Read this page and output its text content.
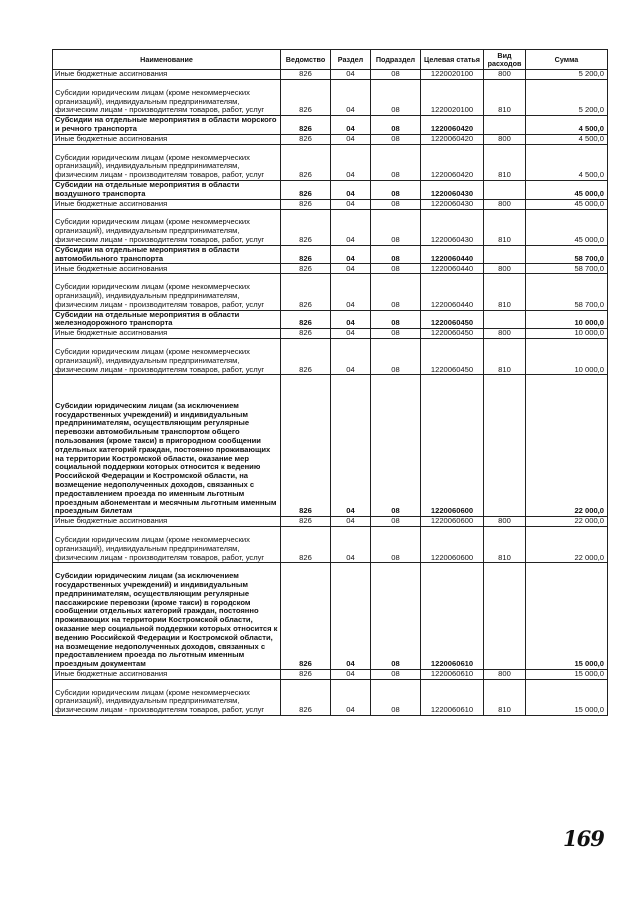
Наименование	Ведомство	Раздел	Подраздел	Целевая статья	Вид расходов	Сумма
Иные бюджетные ассигнования	826	04	08	1220020100	800	5 200,0
Субсидии юридическим лицам (кроме некоммерческих организаций), индивидуальным предпринимателям, физическим лицам - производителям товаров, работ, услуг	826	04	08	1220020100	810	5 200,0
Субсидии на отдельные мероприятия в области морского и речного транспорта	826	04	08	1220060420		4 500,0
Иные бюджетные ассигнования	826	04	08	1220060420	800	4 500,0
Субсидии юридическим лицам (кроме некоммерческих организаций), индивидуальным предпринимателям, физическим лицам - производителям товаров, работ, услуг	826	04	08	1220060420	810	4 500,0
Субсидии на отдельные мероприятия в области воздушного транспорта	826	04	08	1220060430		45 000,0
Иные бюджетные ассигнования	826	04	08	1220060430	800	45 000,0
Субсидии юридическим лицам (кроме некоммерческих организаций), индивидуальным предпринимателям, физическим лицам - производителям товаров, работ, услуг	826	04	08	1220060430	810	45 000,0
Субсидии на отдельные мероприятия в области автомобильного транспорта	826	04	08	1220060440		58 700,0
Иные бюджетные ассигнования	826	04	08	1220060440	800	58 700,0
Субсидии юридическим лицам (кроме некоммерческих организаций), индивидуальным предпринимателям, физическим лицам - производителям товаров, работ, услуг	826	04	08	1220060440	810	58 700,0
Субсидии на отдельные мероприятия в области железнодорожного транспорта	826	04	08	1220060450		10 000,0
Иные бюджетные ассигнования	826	04	08	1220060450	800	10 000,0
Субсидии юридическим лицам (кроме некоммерческих организаций), индивидуальным предпринимателям, физическим лицам - производителям товаров, работ, услуг	826	04	08	1220060450	810	10 000,0
Субсидии юридическим лицам (за исключением государственных учреждений) и индивидуальным предпринимателям, осуществляющим регулярные перевозки автомобильным транспортом общего пользования (кроме такси) в пригородном сообщении отдельных категорий граждан, постоянно проживающих на территории Костромской области, оказание мер социальной поддержки которых относится к ведению Российской Федерации и Костромской области, на возмещение недополученных доходов, связанных с предоставлением проезда по именным льготным проездным абонементам и месячным льготным именным проездным билетам	826	04	08	1220060600		22 000,0
Иные бюджетные ассигнования	826	04	08	1220060600	800	22 000,0
Субсидии юридическим лицам (кроме некоммерческих организаций), индивидуальным предпринимателям, физическим лицам - производителям товаров, работ, услуг	826	04	08	1220060600	810	22 000,0
Субсидии юридическим лицам (за исключением государственных учреждений) и индивидуальным предпринимателям, осуществляющим регулярные пассажирские перевозки (кроме такси) в городском сообщении отдельных категорий граждан, постоянно проживающих на территории Костромской области, оказание мер социальной поддержки которых относится к ведению Российской Федерации и Костромской области, на возмещение недополученных доходов, связанных с предоставлением проезда по льготным именным проездным документам	826	04	08	1220060610		15 000,0
Иные бюджетные ассигнования	826	04	08	1220060610	800	15 000,0
Субсидии юридическим лицам (кроме некоммерческих организаций), индивидуальным предпринимателям, физическим лицам - производителям товаров, работ, услуг	826	04	08	1220060610	810	15 000,0
169
